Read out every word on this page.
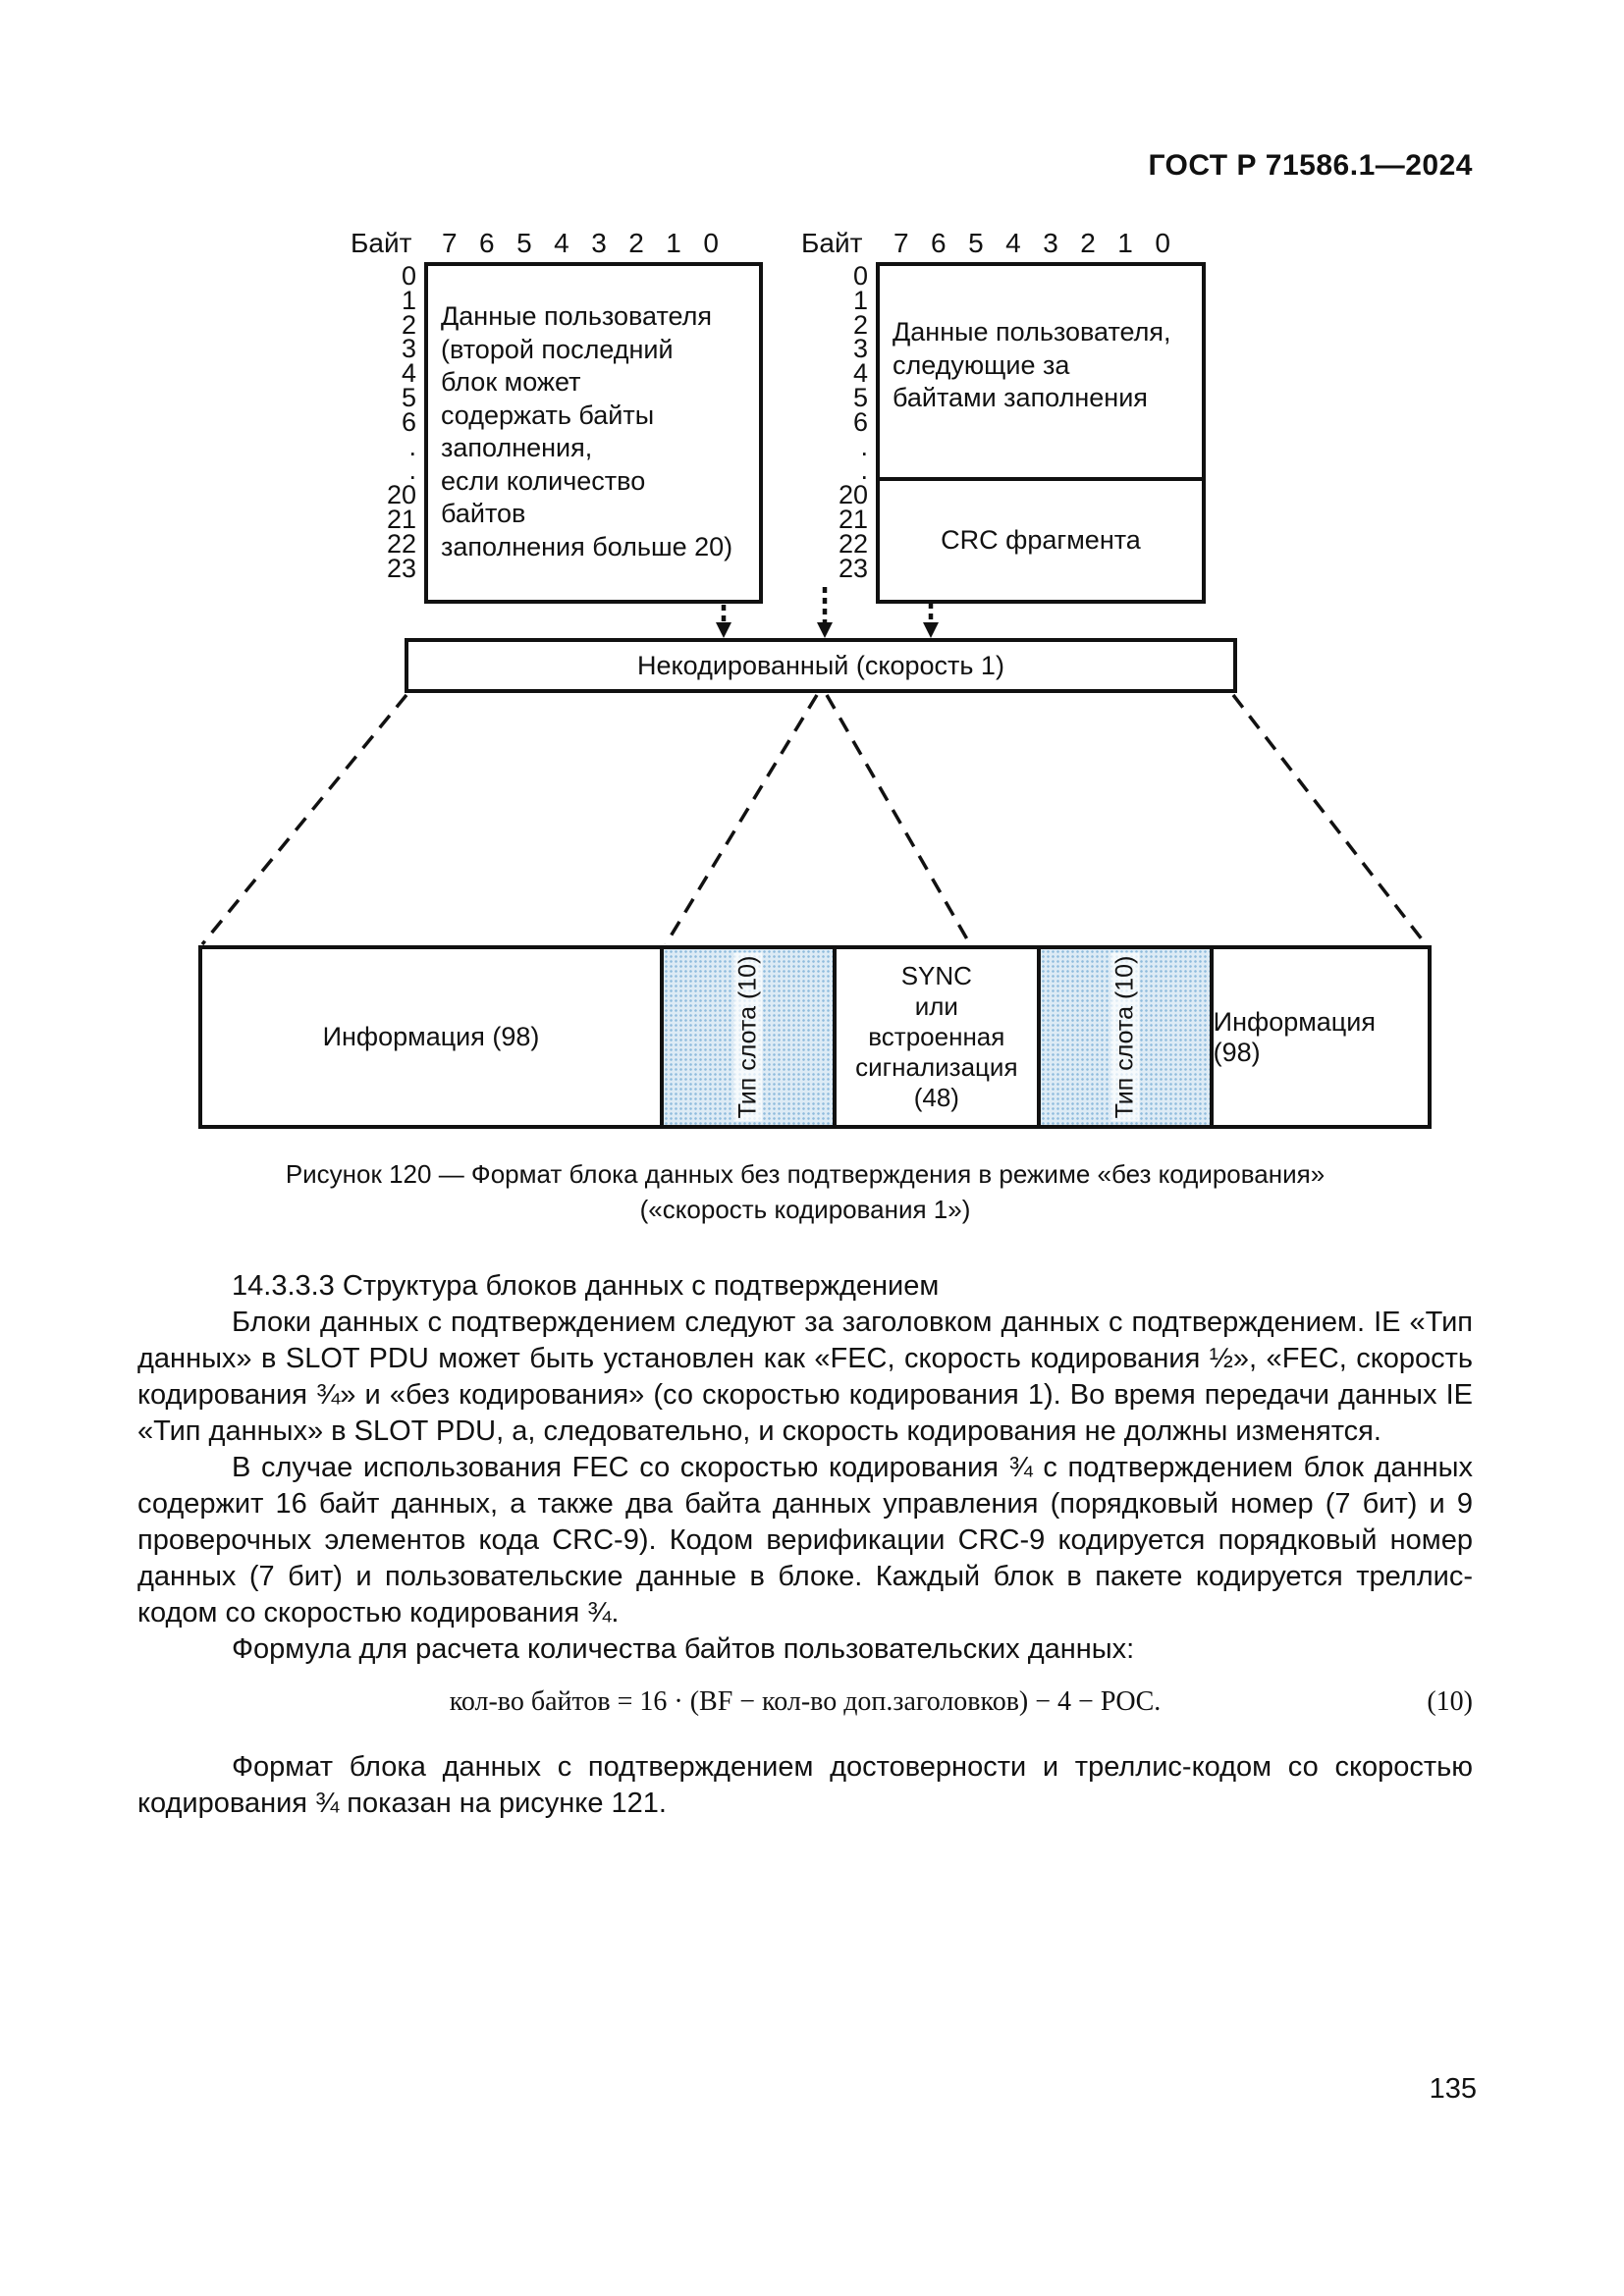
ГОСТ Р 71586.1—2024
Байт 7 6 5 4 3 2 1 0
0
1
2
3
4
5
6
.
.
20
21
22
23
Данные пользователя
(второй последний
блок может
содержать байты
заполнения,
если количество
байтов
заполнения больше 20)
Байт 7 6 5 4 3 2 1 0
0
1
2
3
4
5
6
.
.
20
21
22
23
Данные пользователя,
следующие за
байтами заполнения
CRC фрагмента
Некодированный (скорость 1)
Информация (98)	Тип слота (10)	SYNC
или
встроенная
сигнализация
(48)	Тип слота (10)	Информация (98)
Рисунок 120 — Формат блока данных без подтверждения в режиме «без кодирования»
(«скорость кодирования 1»)
14.3.3.3 Структура блоков данных с подтверждением

Блоки данных с подтверждением следуют за заголовком данных с подтверждением. IE «Тип данных» в SLOT PDU может быть установлен как «FEC, скорость кодирования ½», «FEC, скорость кодирования ¾» и «без кодирования» (со скоростью кодирования 1). Во время передачи данных IE «Тип данных» в SLOT PDU, а, следовательно, и скорость кодирования не должны изменятся.

В случае использования FEC со скоростью кодирования ¾ с подтверждением блок данных содержит 16 байт данных, а также два байта данных управления (порядковый номер (7 бит) и 9 проверочных элементов кода CRC-9). Кодом верификации CRC-9 кодируется порядковый номер данных (7 бит) и пользовательские данные в блоке. Каждый блок в пакете кодируется треллис-кодом со скоростью кодирования ¾.

Формула для расчета количества байтов пользовательских данных:

кол-во байтов = 16 · (BF − кол-во доп.заголовков) − 4 − POC.	(10)

Формат блока данных с подтверждением достоверности и треллис-кодом со скоростью кодирования ¾ показан на рисунке 121.

135
